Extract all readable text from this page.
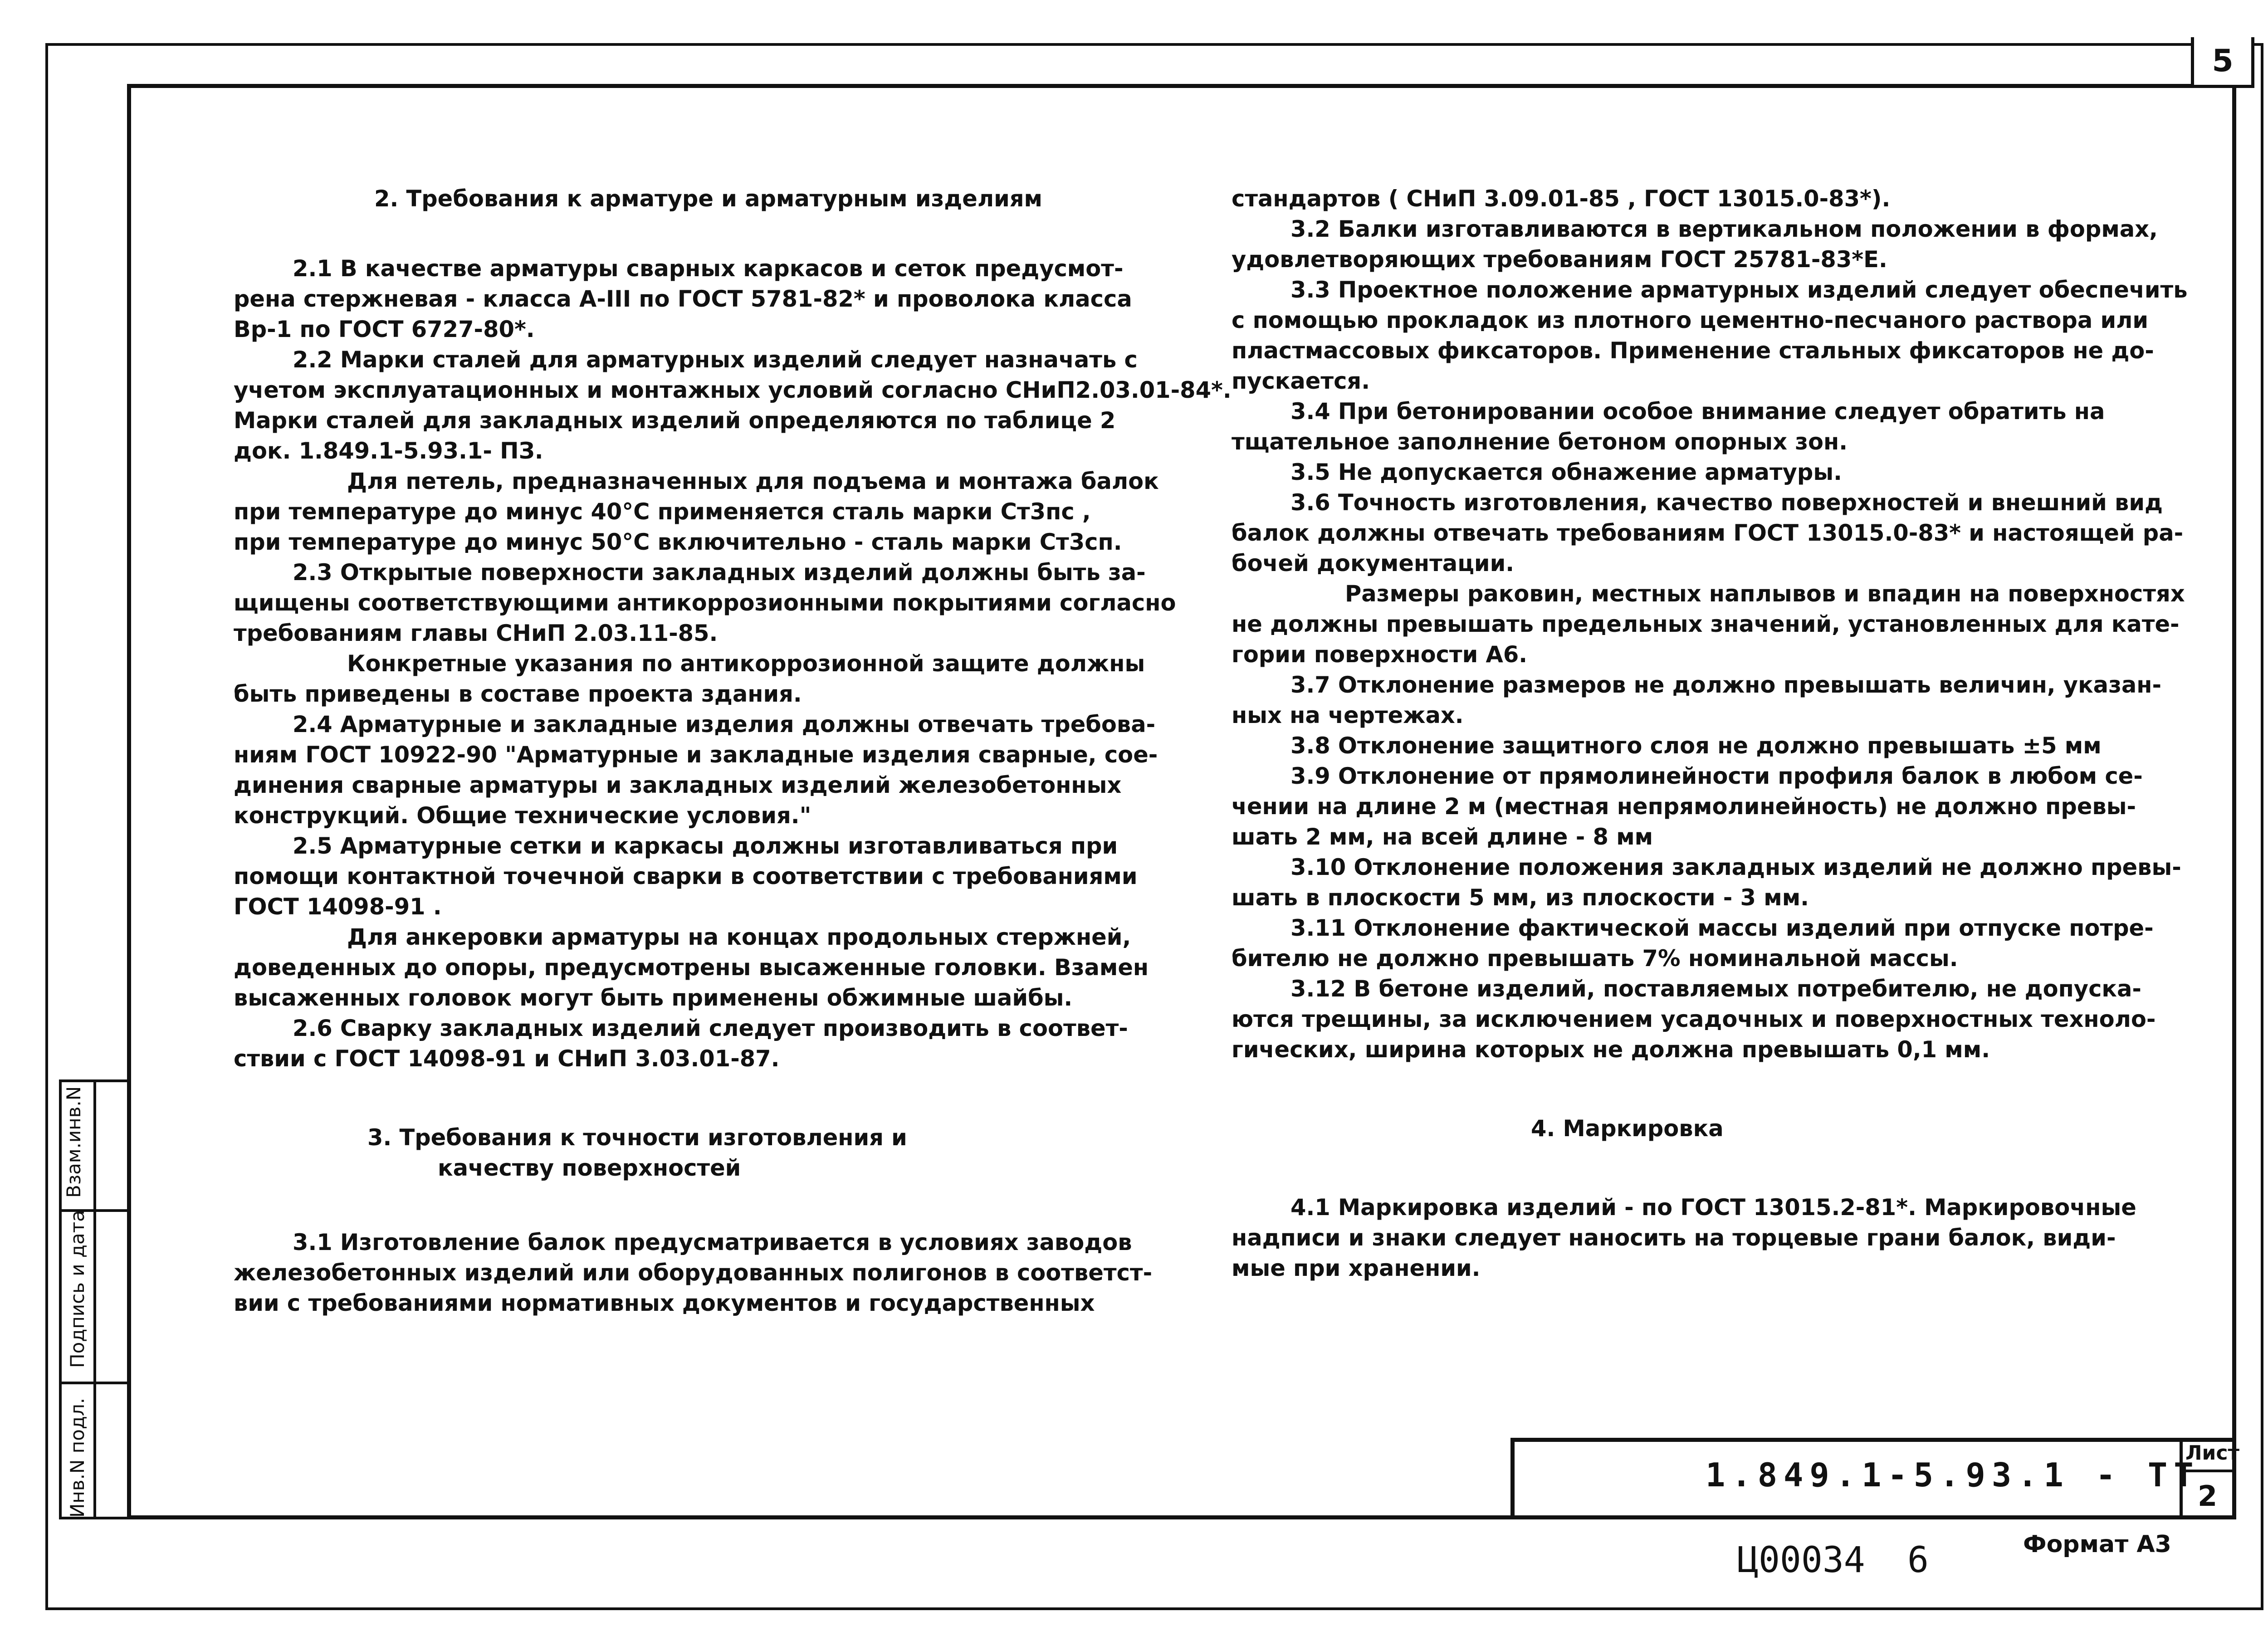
5
Взам.инв.N
Подпись и дата
Инв.N подл.
2. Требования к арматуре и арматурным изделиям
2.1 В качестве арматуры сварных каркасов и сеток предусмот-
рена стержневая - класса А-III по ГОСТ 5781-82* и проволока класса
Вр-1 по ГОСТ 6727-80*.
2.2 Марки сталей для арматурных изделий следует назначать с
учетом эксплуатационных и монтажных условий согласно СНиП2.03.01-84*.
Марки сталей для закладных изделий определяются по таблице 2
док. 1.849.1-5.93.1- ПЗ.
Для петель, предназначенных для подъема и монтажа балок
при температуре до минус 40°С применяется сталь марки Ст3пс ,
при температуре до минус 50°С включительно - сталь марки Ст3сп.
2.3 Открытые поверхности закладных изделий должны быть за-
щищены соответствующими антикоррозионными покрытиями согласно
требованиям главы СНиП 2.03.11-85.
Конкретные указания по антикоррозионной защите должны
быть приведены в составе проекта здания.
2.4 Арматурные и закладные изделия должны отвечать требова-
ниям ГОСТ 10922-90 "Арматурные и закладные изделия сварные, сое-
динения сварные арматуры и закладных изделий железобетонных
конструкций. Общие технические условия."
2.5 Арматурные сетки и каркасы должны изготавливаться при
помощи контактной точечной сварки в соответствии с требованиями
ГОСТ 14098-91 .
Для анкеровки арматуры на концах продольных стержней,
доведенных до опоры, предусмотрены высаженные головки. Взамен
высаженных головок могут быть применены обжимные шайбы.
2.6 Сварку закладных изделий следует производить в соответ-
ствии с ГОСТ 14098-91 и СНиП 3.03.01-87.
3. Требования к точности изготовления и
качеству поверхностей
3.1 Изготовление балок предусматривается в условиях заводов
железобетонных изделий или оборудованных полигонов в соответст-
вии с требованиями нормативных документов и государственных
стандартов ( СНиП 3.09.01-85 , ГОСТ 13015.0-83*).
3.2 Балки изготавливаются в вертикальном положении в формах,
удовлетворяющих требованиям ГОСТ 25781-83*Е.
3.3 Проектное положение арматурных изделий следует обеспечить
с помощью прокладок из плотного цементно-песчаного раствора или
пластмассовых фиксаторов. Применение стальных фиксаторов не до-
пускается.
3.4 При бетонировании особое внимание следует обратить на
тщательное заполнение бетоном опорных зон.
3.5 Не допускается обнажение арматуры.
3.6 Точность изготовления, качество поверхностей и внешний вид
балок должны отвечать требованиям ГОСТ 13015.0-83* и настоящей ра-
бочей документации.
Размеры раковин, местных наплывов и впадин на поверхностях
не должны превышать предельных значений, установленных для кате-
гории поверхности А6.
3.7 Отклонение размеров не должно превышать величин, указан-
ных на чертежах.
3.8 Отклонение защитного слоя не должно превышать ±5 мм
3.9 Отклонение от прямолинейности профиля балок в любом се-
чении на длине 2 м (местная непрямолинейность) не должно превы-
шать 2 мм, на всей длине - 8 мм
3.10 Отклонение положения закладных изделий не должно превы-
шать в плоскости 5 мм, из плоскости - 3 мм.
3.11 Отклонение фактической массы изделий при отпуске потре-
бителю не должно превышать 7% номинальной массы.
3.12 В бетоне изделий, поставляемых потребителю, не допуска-
ются трещины, за исключением усадочных и поверхностных техноло-
гических, ширина которых не должна превышать 0,1 мм.
4. Маркировка
4.1 Маркировка изделий - по ГОСТ 13015.2-81*. Маркировочные
надписи и знаки следует наносить на торцевые грани балок, види-
мые при хранении.
1.849.1-5.93.1 - ТТ
Лист
2
Ц00034 6	Формат А3
